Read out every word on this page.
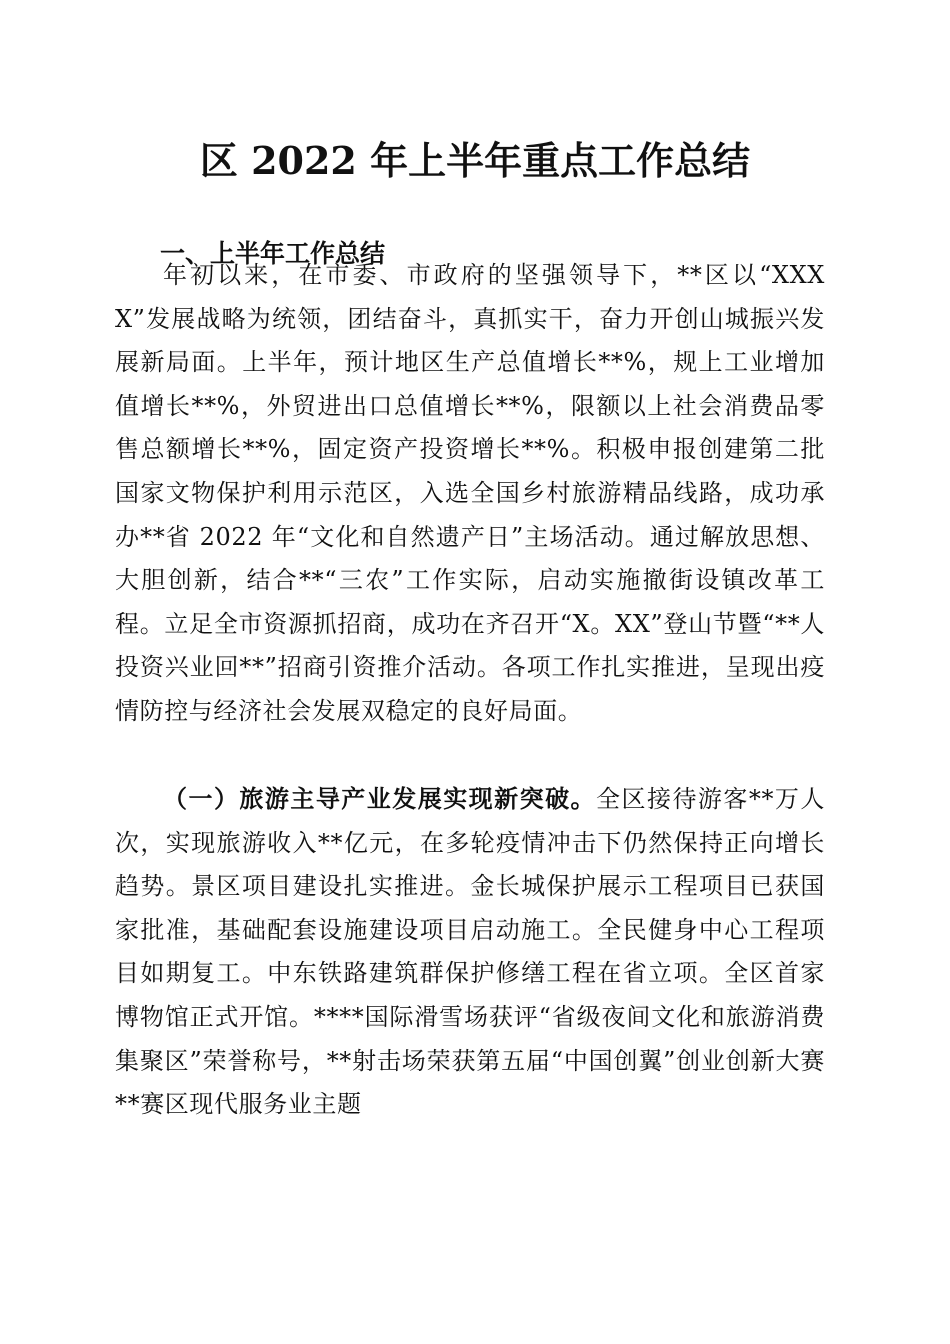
区 2022 年上半年重点工作总结

一、上半年工作总结

年初以来，在市委、市政府的坚强领导下，**区以“XXXX”发展战略为统领，团结奋斗，真抓实干，奋力开创山城振兴发展新局面。上半年，预计地区生产总值增长**%，规上工业增加值增长**%，外贸进出口总值增长**%，限额以上社会消费品零售总额增长**%，固定资产投资增长**%。积极申报创建第二批国家文物保护利用示范区，入选全国乡村旅游精品线路，成功承办**省 2022 年“文化和自然遗产日”主场活动。通过解放思想、大胆创新，结合**“三农”工作实际，启动实施撤街设镇改革工程。立足全市资源抓招商，成功在齐召开“X。XX”登山节暨“**人投资兴业回**”招商引资推介活动。各项工作扎实推进，呈现出疫情防控与经济社会发展双稳定的良好局面。

（一）旅游主导产业发展实现新突破。全区接待游客**万人次，实现旅游收入**亿元，在多轮疫情冲击下仍然保持正向增长趋势。景区项目建设扎实推进。金长城保护展示工程项目已获国家批准，基础配套设施建设项目启动施工。全民健身中心工程项目如期复工。中东铁路建筑群保护修缮工程在省立项。全区首家博物馆正式开馆。****国际滑雪场获评“省级夜间文化和旅游消费集聚区”荣誉称号，**射击场荣获第五届“中国创翼”创业创新大赛**赛区现代服务业主题
